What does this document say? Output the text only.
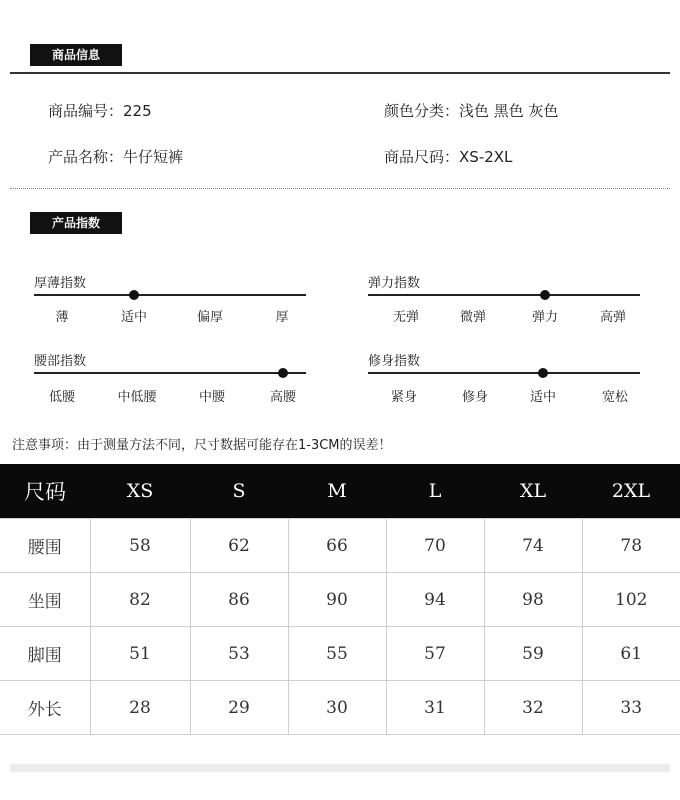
商品信息
商品编号：225	颜色分类：浅色 黑色 灰色
产品名称：牛仔短裤	商品尺码：XS-2XL
产品指数
厚薄指数
薄	适中	偏厚	厚
弹力指数
无弹	微弹	弹力	高弹
腰部指数
低腰	中低腰	中腰	高腰
修身指数
紧身	修身	适中	宽松
注意事项：由于测量方法不同，尺寸数据可能存在1-3CM的误差！
尺码	XS	S	M	L	XL	2XL
腰围	58	62	66	70	74	78
坐围	82	86	90	94	98	102
脚围	51	53	55	57	59	61
外长	28	29	30	31	32	33
